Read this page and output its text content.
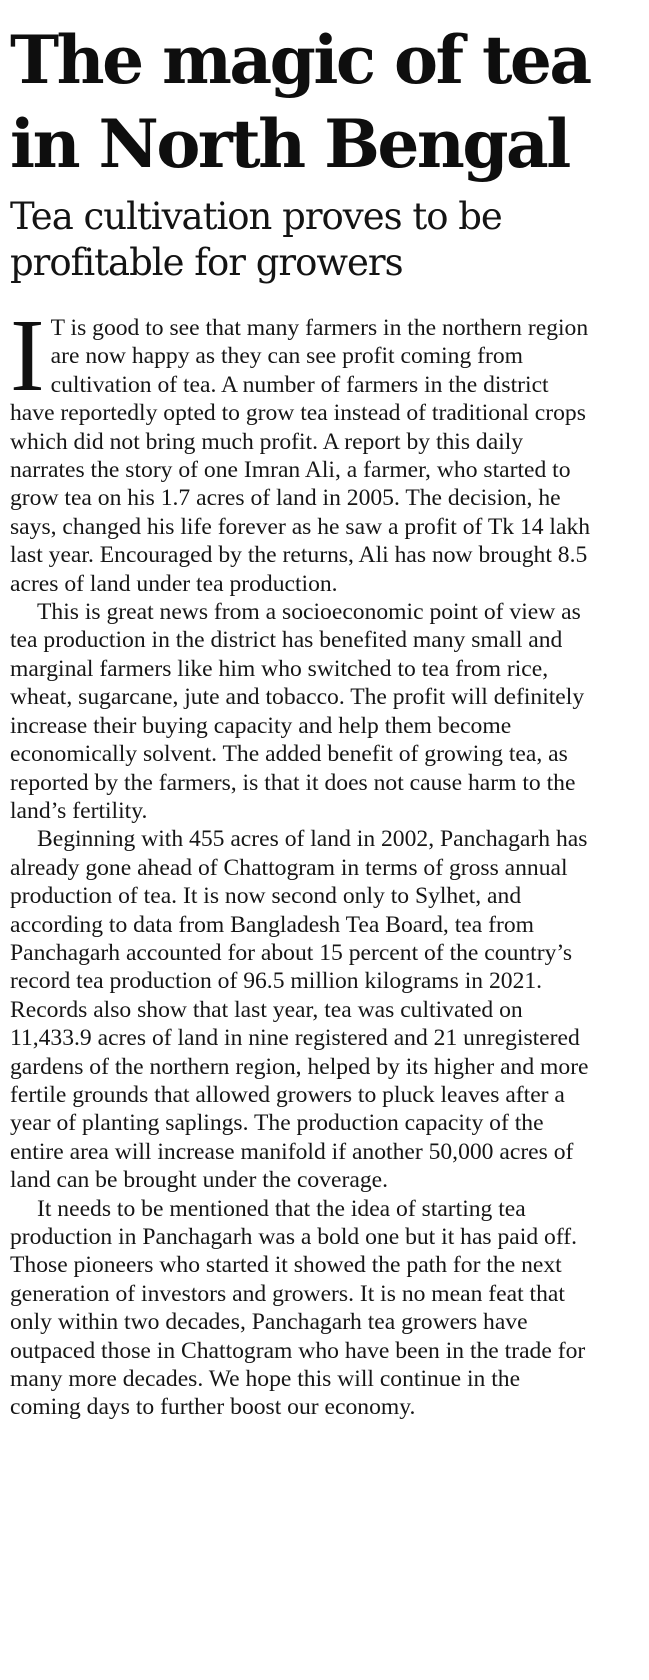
The magic of tea
in North Bengal
Tea cultivation proves to be
profitable for growers

I T is good to see that many farmers in the northern region are now happy as they can see profit coming from cultivation of tea. A number of farmers in the district have reportedly opted to grow tea instead of traditional crops which did not bring much profit. A report by this daily narrates the story of one Imran Ali, a farmer, who started to grow tea on his 1.7 acres of land in 2005. The decision, he says, changed his life forever as he saw a profit of Tk 14 lakh last year. Encouraged by the returns, Ali has now brought 8.5 acres of land under tea production.

This is great news from a socioeconomic point of view as tea production in the district has benefited many small and marginal farmers like him who switched to tea from rice, wheat, sugarcane, jute and tobacco. The profit will definitely increase their buying capacity and help them become economically solvent. The added benefit of growing tea, as reported by the farmers, is that it does not cause harm to the land’s fertility.

Beginning with 455 acres of land in 2002, Panchagarh has already gone ahead of Chattogram in terms of gross annual production of tea. It is now second only to Sylhet, and according to data from Bangladesh Tea Board, tea from Panchagarh accounted for about 15 percent of the country’s record tea production of 96.5 million kilograms in 2021. Records also show that last year, tea was cultivated on 11,433.9 acres of land in nine registered and 21 unregistered gardens of the northern region, helped by its higher and more fertile grounds that allowed growers to pluck leaves after a year of planting saplings. The production capacity of the entire area will increase manifold if another 50,000 acres of land can be brought under the coverage.

It needs to be mentioned that the idea of starting tea production in Panchagarh was a bold one but it has paid off. Those pioneers who started it showed the path for the next generation of investors and growers. It is no mean feat that only within two decades, Panchagarh tea growers have outpaced those in Chattogram who have been in the trade for many more decades. We hope this will continue in the coming days to further boost our economy.
